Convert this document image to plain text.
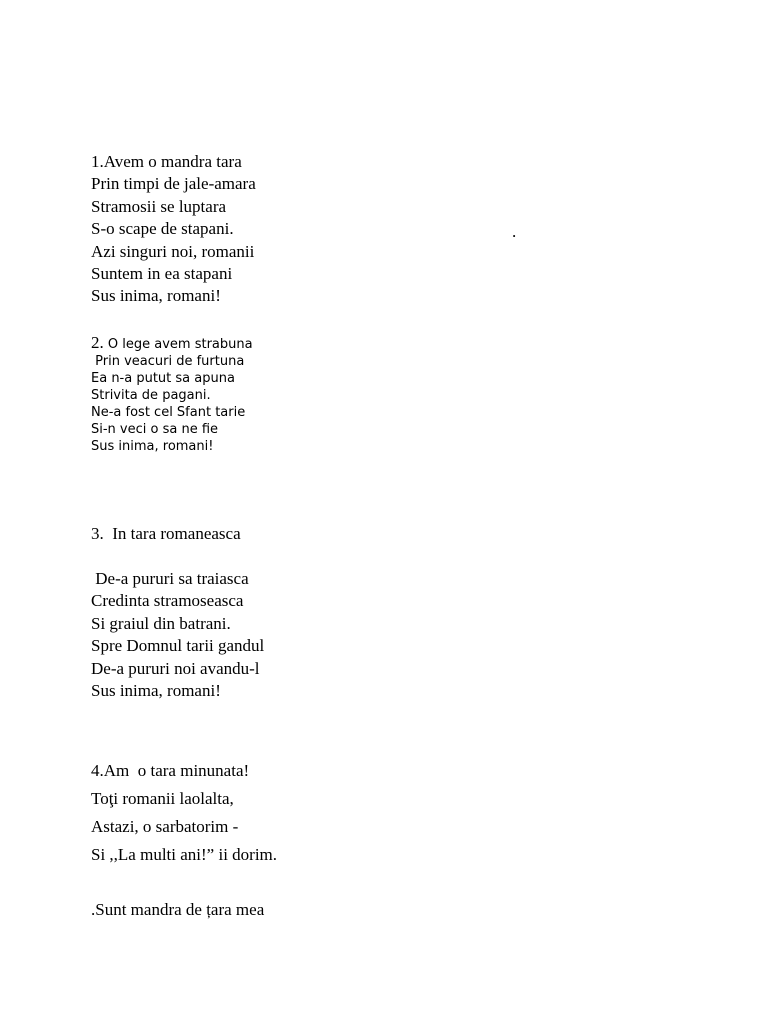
1.Avem o mandra tara
Prin timpi de jale-amara
Stramosii se luptara
S-o scape de stapani.
Azi singuri noi, romanii
Suntem in ea stapani
Sus inima, romani!
.
2. O lege avem strabuna
Prin veacuri de furtuna
Ea n-a putut sa apuna
Strivita de pagani.
Ne-a fost cel Sfant tarie
Si-n veci o sa ne fie
Sus inima, romani!
3.  In tara romaneasca
De-a pururi sa traiasca
Credinta stramoseasca
Si graiul din batrani.
Spre Domnul tarii gandul
De-a pururi noi avandu-l
Sus inima, romani!
4.Am  o tara minunata!
Toţi romanii laolalta,
Astazi, o sarbatorim -
Si ,,La multi ani!” ii dorim.
.Sunt mandra de țara mea
